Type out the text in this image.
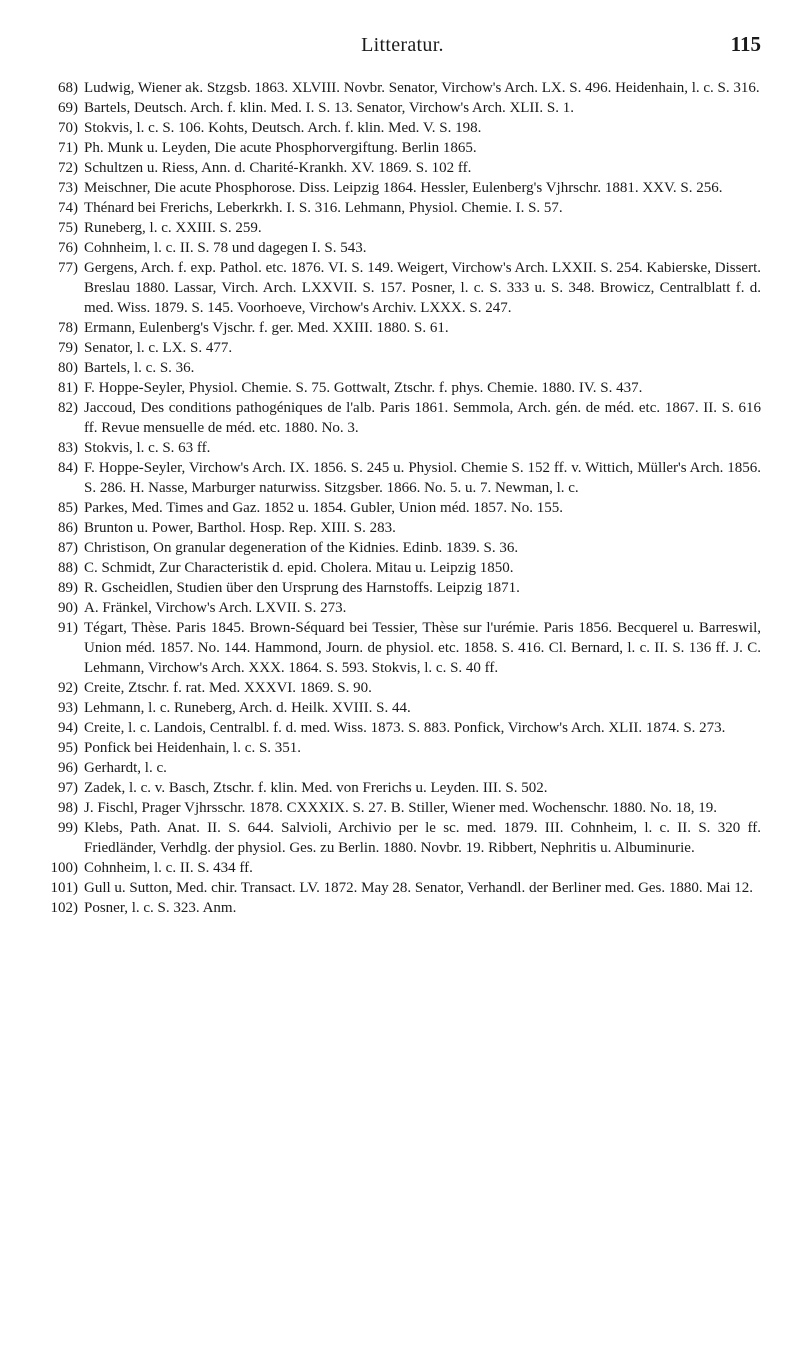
Litteratur.	115
68) Ludwig, Wiener ak. Stzgsb. 1863. XLVIII. Novbr. Senator, Virchow's Arch. LX. S. 496. Heidenhain, l. c. S. 316.
69) Bartels, Deutsch. Arch. f. klin. Med. I. S. 13. Senator, Virchow's Arch. XLII. S. 1.
70) Stokvis, l. c. S. 106. Kohts, Deutsch. Arch. f. klin. Med. V. S. 198.
71) Ph. Munk u. Leyden, Die acute Phosphorvergiftung. Berlin 1865.
72) Schultzen u. Riess, Ann. d. Charité-Krankh. XV. 1869. S. 102 ff.
73) Meischner, Die acute Phosphorose. Diss. Leipzig 1864. Hessler, Eulenberg's Vjhrschr. 1881. XXV. S. 256.
74) Thénard bei Frerichs, Leberkrkh. I. S. 316. Lehmann, Physiol. Chemie. I. S. 57.
75) Runeberg, l. c. XXIII. S. 259.
76) Cohnheim, l. c. II. S. 78 und dagegen I. S. 543.
77) Gergens, Arch. f. exp. Pathol. etc. 1876. VI. S. 149. Weigert, Virchow's Arch. LXXII. S. 254. Kabierske, Dissert. Breslau 1880. Lassar, Virch. Arch. LXXVII. S. 157. Posner, l. c. S. 333 u. S. 348. Browicz, Centralblatt f. d. med. Wiss. 1879. S. 145. Voorhoeve, Virchow's Archiv. LXXX. S. 247.
78) Ermann, Eulenberg's Vjschr. f. ger. Med. XXIII. 1880. S. 61.
79) Senator, l. c. LX. S. 477.
80) Bartels, l. c. S. 36.
81) F. Hoppe-Seyler, Physiol. Chemie. S. 75. Gottwalt, Ztschr. f. phys. Chemie. 1880. IV. S. 437.
82) Jaccoud, Des conditions pathogéniques de l'alb. Paris 1861. Semmola, Arch. gén. de méd. etc. 1867. II. S. 616 ff. Revue mensuelle de méd. etc. 1880. No. 3.
83) Stokvis, l. c. S. 63 ff.
84) F. Hoppe-Seyler, Virchow's Arch. IX. 1856. S. 245 u. Physiol. Chemie S. 152 ff. v. Wittich, Müller's Arch. 1856. S. 286. H. Nasse, Marburger naturwiss. Sitzgsber. 1866. No. 5. u. 7. Newman, l. c.
85) Parkes, Med. Times and Gaz. 1852 u. 1854. Gubler, Union méd. 1857. No. 155.
86) Brunton u. Power, Barthol. Hosp. Rep. XIII. S. 283.
87) Christison, On granular degeneration of the Kidnies. Edinb. 1839. S. 36.
88) C. Schmidt, Zur Characteristik d. epid. Cholera. Mitau u. Leipzig 1850.
89) R. Gscheidlen, Studien über den Ursprung des Harnstoffs. Leipzig 1871.
90) A. Fränkel, Virchow's Arch. LXVII. S. 273.
91) Tégart, Thèse. Paris 1845. Brown-Séquard bei Tessier, Thèse sur l'urémie. Paris 1856. Becquerel u. Barreswil, Union méd. 1857. No. 144. Hammond, Journ. de physiol. etc. 1858. S. 416. Cl. Bernard, l. c. II. S. 136 ff. J. C. Lehmann, Virchow's Arch. XXX. 1864. S. 593. Stokvis, l. c. S. 40 ff.
92) Creite, Ztschr. f. rat. Med. XXXVI. 1869. S. 90.
93) Lehmann, l. c. Runeberg, Arch. d. Heilk. XVIII. S. 44.
94) Creite, l. c. Landois, Centralbl. f. d. med. Wiss. 1873. S. 883. Ponfick, Virchow's Arch. XLII. 1874. S. 273.
95) Ponfick bei Heidenhain, l. c. S. 351.
96) Gerhardt, l. c.
97) Zadek, l. c. v. Basch, Ztschr. f. klin. Med. von Frerichs u. Leyden. III. S. 502.
98) J. Fischl, Prager Vjhrsschr. 1878. CXXXIX. S. 27. B. Stiller, Wiener med. Wochenschr. 1880. No. 18, 19.
99) Klebs, Path. Anat. II. S. 644. Salvioli, Archivio per le sc. med. 1879. III. Cohnheim, l. c. II. S. 320 ff. Friedländer, Verhdlg. der physiol. Ges. zu Berlin. 1880. Novbr. 19. Ribbert, Nephritis u. Albuminurie.
100) Cohnheim, l. c. II. S. 434 ff.
101) Gull u. Sutton, Med. chir. Transact. LV. 1872. May 28. Senator, Verhandl. der Berliner med. Ges. 1880. Mai 12.
102) Posner, l. c. S. 323. Anm.
